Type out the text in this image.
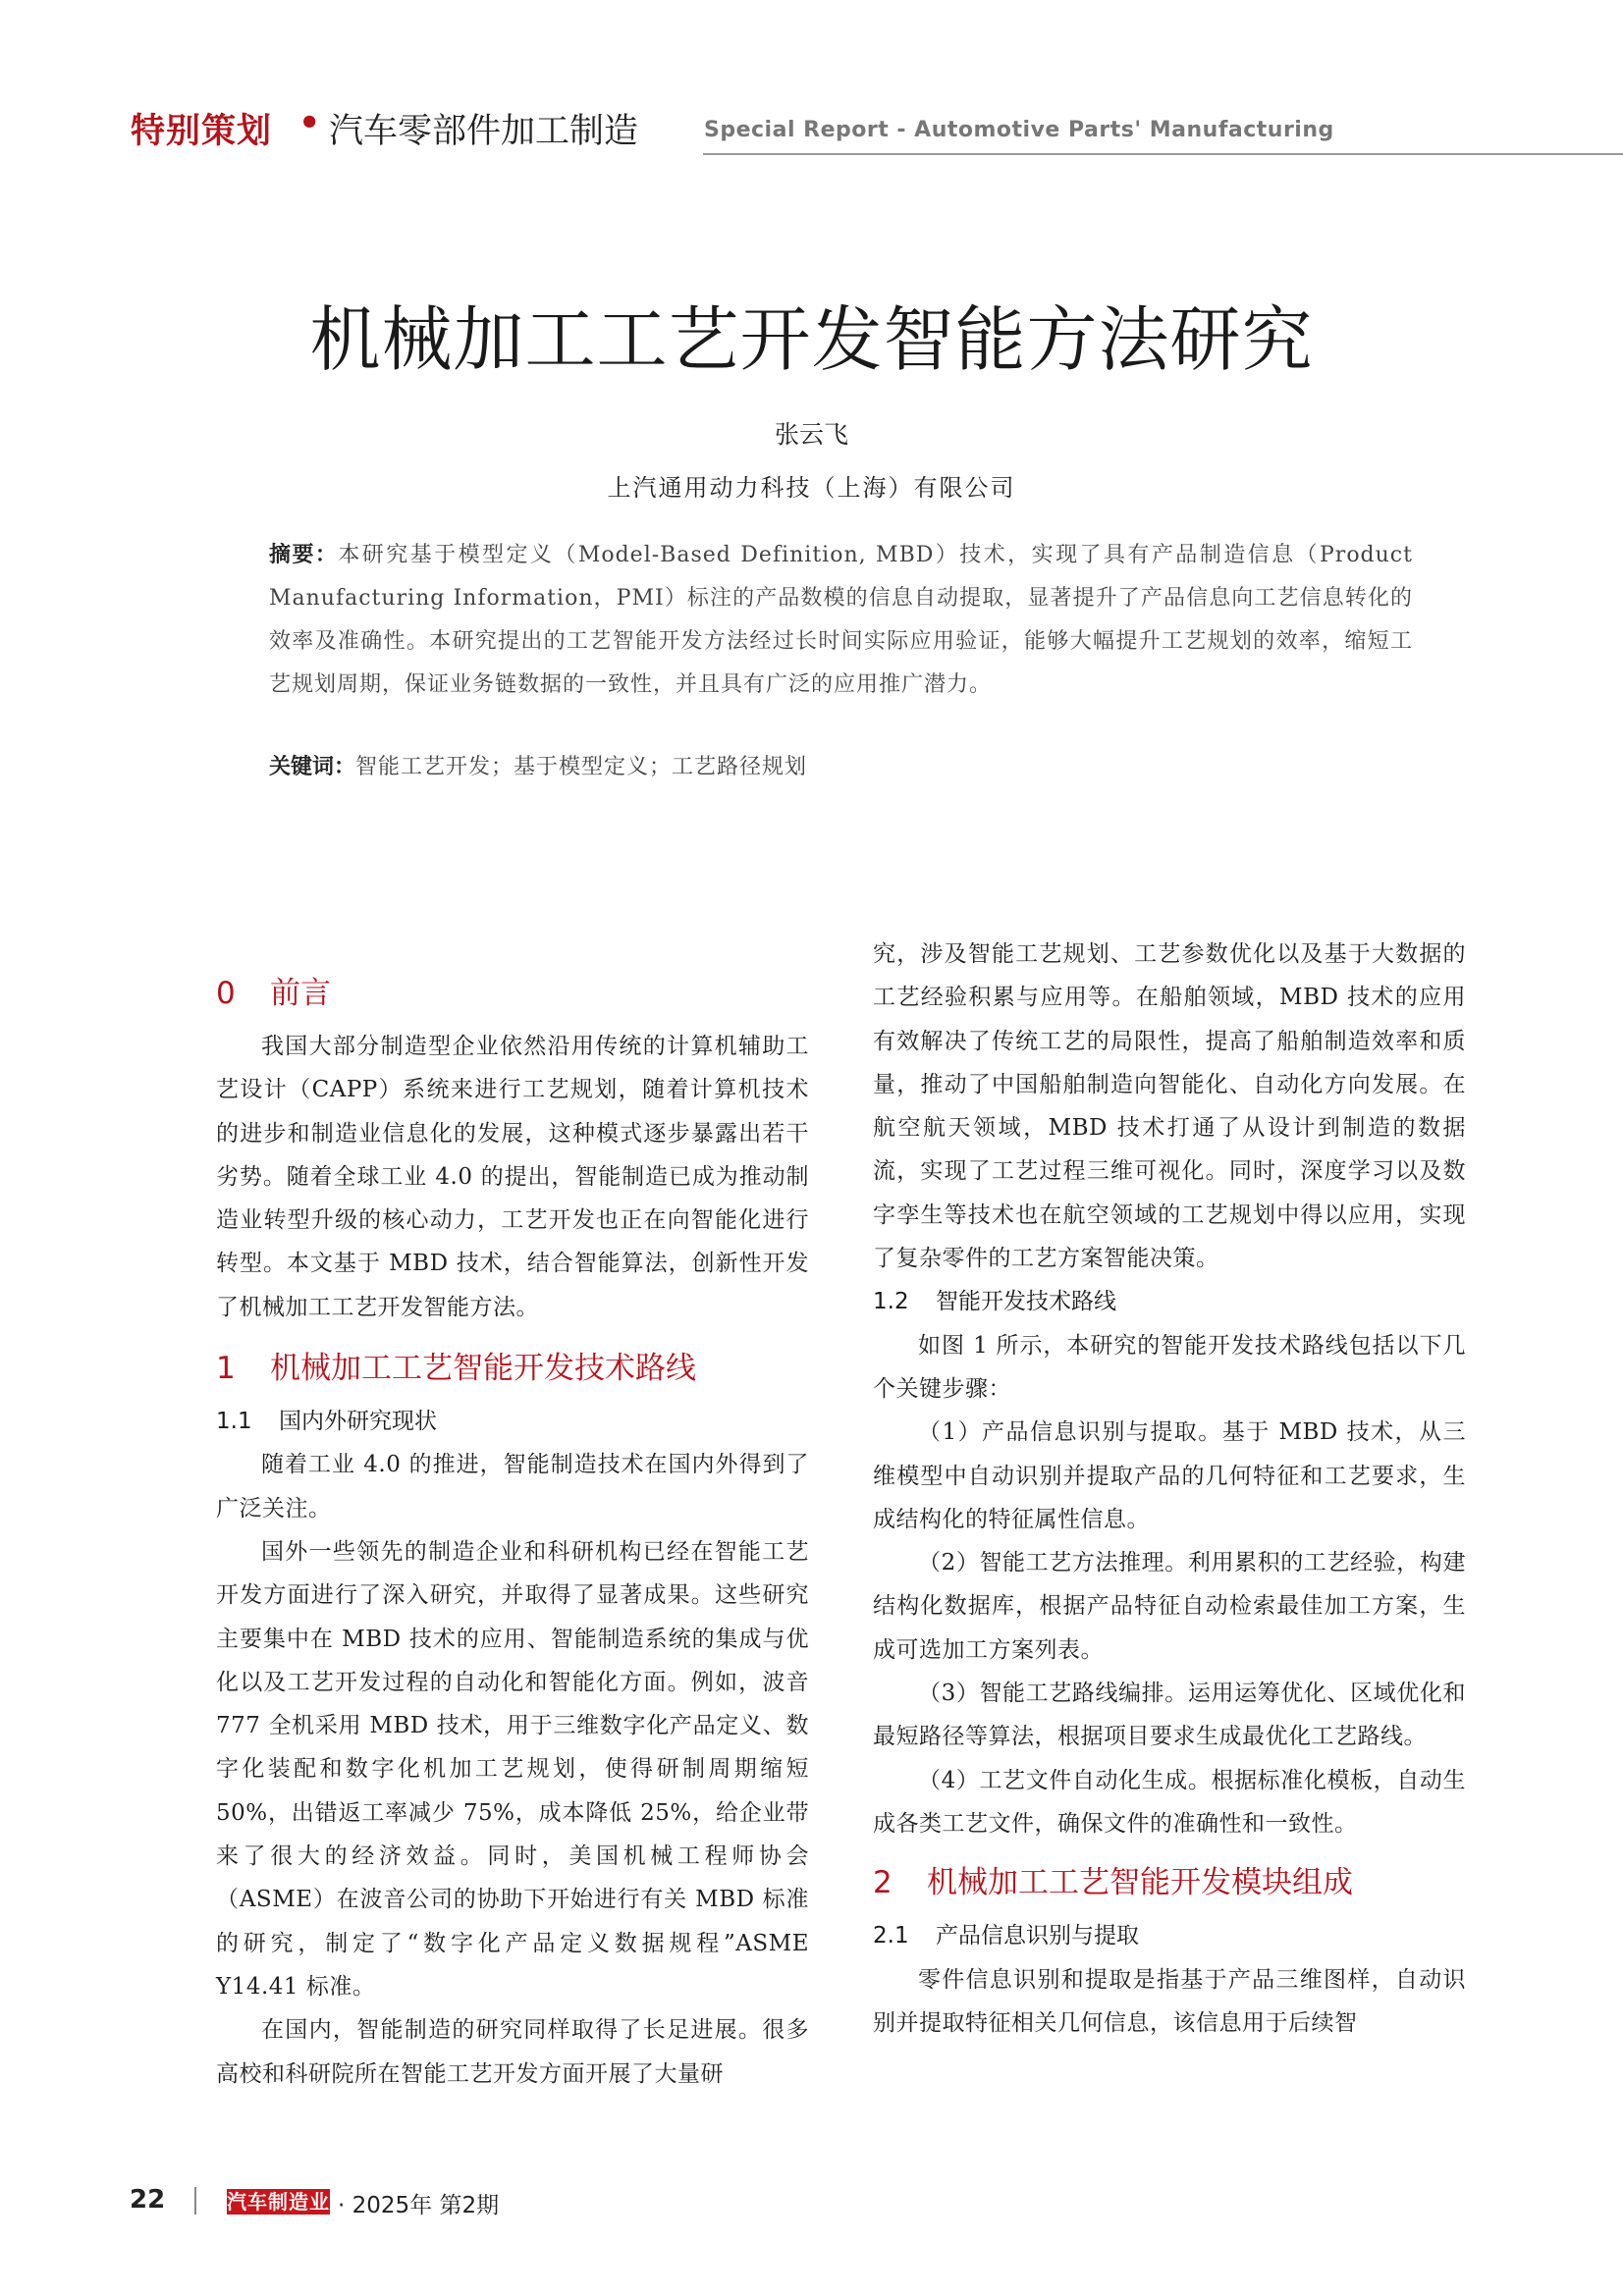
特别策划 • 汽车零部件加工制造	Special Report - Automotive Parts' Manufacturing
机械加工工艺开发智能方法研究
张云飞
上汽通用动力科技（上海）有限公司
摘要：本研究基于模型定义（Model-Based Definition, MBD）技术，实现了具有产品制造信息（Product Manufacturing Information，PMI）标注的产品数模的信息自动提取，显著提升了产品信息向工艺信息转化的效率及准确性。本研究提出的工艺智能开发方法经过长时间实际应用验证，能够大幅提升工艺规划的效率，缩短工艺规划周期，保证业务链数据的一致性，并且具有广泛的应用推广潜力。
关键词：智能工艺开发；基于模型定义；工艺路径规划
0 前言

我国大部分制造型企业依然沿用传统的计算机辅助工艺设计（CAPP）系统来进行工艺规划，随着计算机技术的进步和制造业信息化的发展，这种模式逐步暴露出若干劣势。随着全球工业 4.0 的提出，智能制造已成为推动制造业转型升级的核心动力，工艺开发也正在向智能化进行转型。本文基于 MBD 技术，结合智能算法，创新性开发了机械加工工艺开发智能方法。

1 机械加工工艺智能开发技术路线
1.1 国内外研究现状

随着工业 4.0 的推进，智能制造技术在国内外得到了广泛关注。

国外一些领先的制造企业和科研机构已经在智能工艺开发方面进行了深入研究，并取得了显著成果。这些研究主要集中在 MBD 技术的应用、智能制造系统的集成与优化以及工艺开发过程的自动化和智能化方面。例如，波音 777 全机采用 MBD 技术，用于三维数字化产品定义、数字化装配和数字化机加工艺规划，使得研制周期缩短 50%，出错返工率减少 75%，成本降低 25%，给企业带来了很大的经济效益。同时，美国机械工程师协会（ASME）在波音公司的协助下开始进行有关 MBD 标准的研究，制定了“数字化产品定义数据规程”ASME Y14.41 标准。

在国内，智能制造的研究同样取得了长足进展。很多高校和科研院所在智能工艺开发方面开展了大量研

究，涉及智能工艺规划、工艺参数优化以及基于大数据的工艺经验积累与应用等。在船舶领域，MBD 技术的应用有效解决了传统工艺的局限性，提高了船舶制造效率和质量，推动了中国船舶制造向智能化、自动化方向发展。在航空航天领域，MBD 技术打通了从设计到制造的数据流，实现了工艺过程三维可视化。同时，深度学习以及数字孪生等技术也在航空领域的工艺规划中得以应用，实现了复杂零件的工艺方案智能决策。

1.2 智能开发技术路线

如图 1 所示，本研究的智能开发技术路线包括以下几个关键步骤：

（1）产品信息识别与提取。基于 MBD 技术，从三维模型中自动识别并提取产品的几何特征和工艺要求，生成结构化的特征属性信息。

（2）智能工艺方法推理。利用累积的工艺经验，构建结构化数据库，根据产品特征自动检索最佳加工方案，生成可选加工方案列表。

（3）智能工艺路线编排。运用运筹优化、区域优化和最短路径等算法，根据项目要求生成最优化工艺路线。

（4）工艺文件自动化生成。根据标准化模板，自动生成各类工艺文件，确保文件的准确性和一致性。

2 机械加工工艺智能开发模块组成
2.1 产品信息识别与提取

零件信息识别和提取是指基于产品三维图样，自动识别并提取特征相关几何信息，该信息用于后续智

22	汽车制造业 · 2025年 第2期
